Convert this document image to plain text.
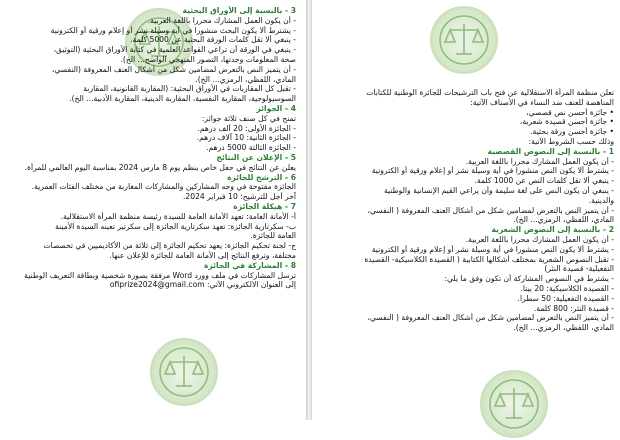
3 - بالنسبة إلى الأوراق البحثية
- أن يكون العمل المشارك محررا باللغة العربية.
- يشترط ألا يكون البحث منشورا في أية وسيلة نشر أو إعلام ورقية أو الكترونية
- ينبغي ألا تقل كلمات الورقة البحثية عن 5000 كلمة.
- ينبغي في الورقة أن تراعي القواعد العلمية في كتابة الأوراق البحثية (التوثيق،
صحة المعلومات وجدتها، التصور المنهجي الواضح... الخ).
- أن يتميز النص بالتعرض لمضامين شكل من أشكال العنف المعروفة (النفسي،
المادي، اللفظي، الرمزي... الخ).
- تقبل كل المقاربات في الأوراق البحثية: (المقاربة القانونية، المقاربة
السوسيولوجية، المقاربة النفسية، المقاربة الدينية، المقاربة الأدبية... الخ).
4 - الجوائز
تمنح في كل صنف ثلاثة جوائز:
- الجائزة الأولى: 20 ألف درهم.
- الجائزة الثانية: 10 آلاف درهم.
- الجائزة الثالثة 5000 درهم.
5 - الإعلان عن النتائج
يعلن عن النتائج في حفل خاص ينظم يوم 8 مارس 2024 بمناسبة اليوم العالمي للمرأة.
6 - الترشح للجائزة
الجائزة مفتوحة في وجه المشاركين والمشاركات المغاربة من مختلف الفئات العمرية.
آخر أجل للترشيح: 10 فبراير 2024.
7 - هيكلة الجائزة
أ- الأمانة العامة: تعهد الأمانة العامة للسيدة رئيسة منظمة المرأة الاستقلالية.
ب- سكرتارية الجائزة: تعهد سكرتارية الجائزة إلى سكرتير تعينه السيدة الأمينة
العامة للجائزة.
ج- لجنة تحكيم الجائزة: يعهد تحكيم الجائزة إلى ثلاثة من الأكاديميين في تخصصات
مختلفة، وترفع النتائج إلى الأمانة العامة للجائزة للإعلان عنها.
8 - المشاركة في الجائزة
ترسل المشاركات في ملف وورد Word مرفقة بصورة شخصية وبطاقة التعريف الوطنية
إلى العنوان الالكتروني الآتي: ofiprize2024@gmail.com
تعلن منظمة المرأة الاستقلالية عن فتح باب الترشيحات للجائزة الوطنية للكتابات
المناهضة للعنف ضد النساء في الأصناف الآتية:
• جائزة أحسن نص قصصي،
• جائزة أحسن قصيدة شعرية،
• جائزة أحسن ورقة بحثية.
وذلك حسب الشروط الآتية:
1 - بالنسبة إلى النصوص القصصية
- أن يكون العمل المشارك محررا باللغة العربية.
- يشترط ألا يكون النص منشورا في أية وسيلة نشر أو إعلام ورقية أو الكترونية
- ينبغي ألا تقل كلمات النص عن 1000 كلمة.
- ينبغي أن يكون النص على لغة سليمة وأن يراعي القيم الإنسانية والوطنية
والدينية.
- أن يتميز النص بالتعرض لمضامين شكل من أشكال العنف المعروفة ( النفسي،
المادي، اللفظي، الرمزي... الخ).
2 - بالنسبة إلى النصوص الشعرية
- أن يكون العمل المشارك محررا باللغة العربية.
- يشترط ألا يكون النص منشورا في أية وسيلة نشر أو إعلام ورقية أو الكترونية
- تقبل النصوص الشعرية بمختلف أشكالها الكتابية ( القصيدة الكلاسيكية- القصيدة
التفعيلية- قصيدة النثر)
- يشترط في النصوص المشاركة أن تكون وفق ما يلي:
- القصيدة الكلاسيكية: 20 بيتا.
- القصيدة التفعيلية: 50 سطرا.
- قصيدة النثر: 800 كلمة.
- أن يتميز النص بالتعرض لمضامين شكل من أشكال العنف المعروفة ( النفسي،
المادي، اللفظي، الرمزي... الخ).
